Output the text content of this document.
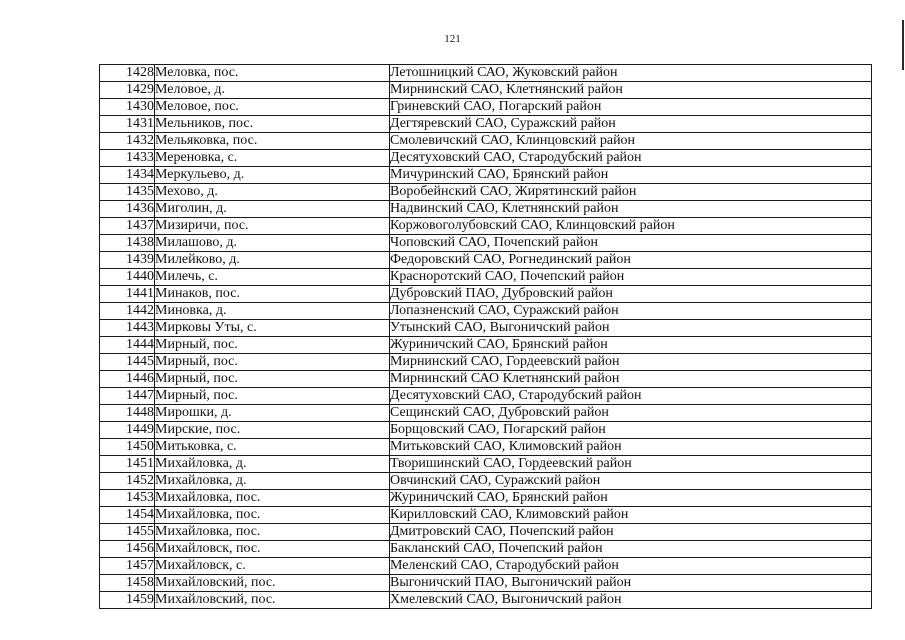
121
1428	Меловка, пос.	Летошницкий САО, Жуковский район
1429	Меловое, д.	Мирнинский САО, Клетнянский район
1430	Меловое, пос.	Гриневский САО, Погарский район
1431	Мельников, пос.	Дегтяревский САО, Суражский район
1432	Мельяковка, пос.	Смолевичский САО, Клинцовский район
1433	Мереновка, с.	Десятуховский САО, Стародубский район
1434	Меркульево, д.	Мичуринский САО, Брянский район
1435	Мехово, д.	Воробейнский САО, Жирятинский район
1436	Миголин, д.	Надвинский САО, Клетнянский район
1437	Мизиричи, пос.	Коржовоголубовский САО, Клинцовский район
1438	Милашово, д.	Чоповский САО, Почепский район
1439	Милейково, д.	Федоровский САО, Рогнединский район
1440	Милечь, с.	Красноротский САО, Почепский район
1441	Минаков, пос.	Дубровский ПАО, Дубровский район
1442	Миновка, д.	Лопазненский САО, Суражский район
1443	Мирковы Уты, с.	Утынский САО, Выгоничский район
1444	Мирный, пос.	Журиничский САО, Брянский район
1445	Мирный, пос.	Мирнинский САО, Гордеевский район
1446	Мирный, пос.	Мирнинский САО Клетнянский район
1447	Мирный, пос.	Десятуховский САО, Стародубский район
1448	Мирошки, д.	Сещинский САО, Дубровский район
1449	Мирские, пос.	Борщовский САО, Погарский район
1450	Митьковка, с.	Митьковский САО, Климовский район
1451	Михайловка, д.	Творишинский САО, Гордеевский район
1452	Михайловка, д.	Овчинский САО, Суражский район
1453	Михайловка, пос.	Журиничский САО, Брянский район
1454	Михайловка, пос.	Кирилловский САО, Климовский район
1455	Михайловка, пос.	Дмитровский САО, Почепский район
1456	Михайловск, пос.	Бакланский САО, Почепский район
1457	Михайловск, с.	Меленский САО, Стародубский район
1458	Михайловский, пос.	Выгоничский ПАО, Выгоничский район
1459	Михайловский, пос.	Хмелевский САО, Выгоничский район
